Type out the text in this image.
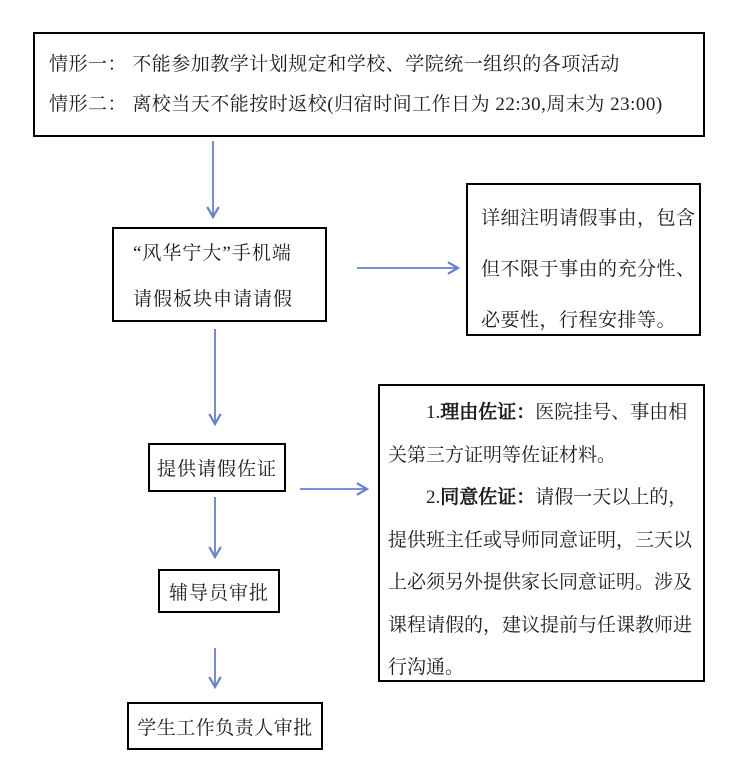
情形一： 不能参加教学计划规定和学校、学院统一组织的各项活动
情形二： 离校当天不能按时返校(归宿时间工作日为 22:30,周末为 23:00)
“风华宁大”手机端
请假板块申请请假
详细注明请假事由，包含
但不限于事由的充分性、
必要性，行程安排等。
提供请假佐证
1.理由佐证：医院挂号、事由相
关第三方证明等佐证材料。
2.同意佐证：请假一天以上的，
提供班主任或导师同意证明，三天以
上必须另外提供家长同意证明。涉及
课程请假的，建议提前与任课教师进
行沟通。
辅导员审批
学生工作负责人审批
